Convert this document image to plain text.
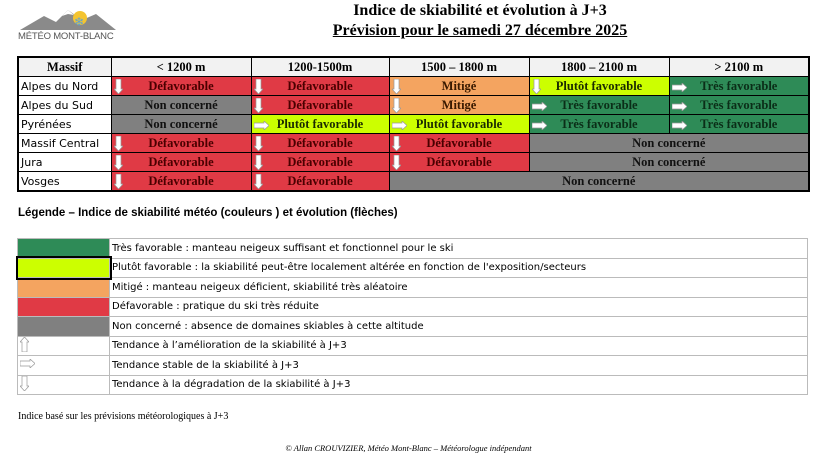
❄
MÉTÉO MONT-BLANC
Indice de skiabilité et évolution à J+3
Prévision pour le samedi 27 décembre 2025
Massif	< 1200 m	1200-1500m	1500 – 1800 m	1800 – 2100 m	> 2100 m
Alpes du Nord	Défavorable	Défavorable	Mitigé	Plutôt favorable	Très favorable
Alpes du Sud	Non concerné	Défavorable	Mitigé	Très favorable	Très favorable
Pyrénées	Non concerné	Plutôt favorable	Plutôt favorable	Très favorable	Très favorable
Massif Central	Défavorable	Défavorable	Défavorable	Non concerné	
Jura	Défavorable	Défavorable	Défavorable	Non concerné	
Vosges	Défavorable	Défavorable	Non concerné		
Légende – Indice de skiabilité météo (couleurs ) et évolution (flèches)
	Très favorable : manteau neigeux suffisant et fonctionnel pour le ski
	Plutôt favorable : la skiabilité peut-être localement altérée en fonction de l'exposition/secteurs
	Mitigé : manteau neigeux déficient, skiabilité très aléatoire
	Défavorable : pratique du ski très réduite
	Non concerné : absence de domaines skiables à cette altitude
	Tendance à l’amélioration de la skiabilité à J+3
	Tendance stable de la skiabilité à J+3
	Tendance à la dégradation de la skiabilité à J+3
Indice basé sur les prévisions météorologiques à J+3
© Allan CROUVIZIER, Météo Mont-Blanc – Météorologue indépendant
